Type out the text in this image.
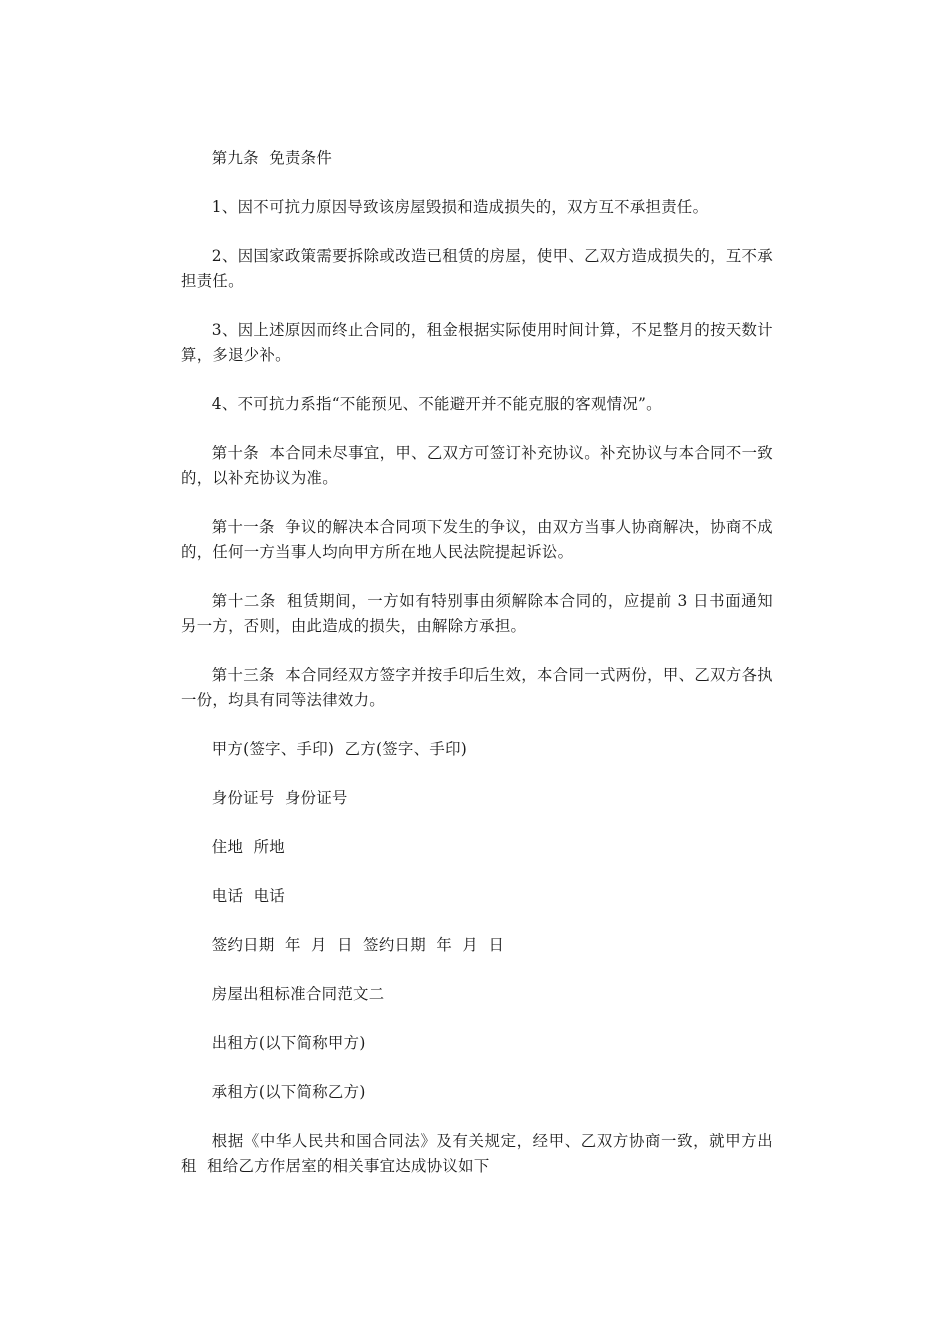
第九条  免责条件

1、因不可抗力原因导致该房屋毁损和造成损失的，双方互不承担责任。

2、因国家政策需要拆除或改造已租赁的房屋，使甲、乙双方造成损失的，互不承担责任。

3、因上述原因而终止合同的，租金根据实际使用时间计算，不足整月的按天数计算，多退少补。

4、不可抗力系指“不能预见、不能避开并不能克服的客观情况”。

第十条  本合同未尽事宜，甲、乙双方可签订补充协议。补充协议与本合同不一致的，以补充协议为准。

第十一条  争议的解决本合同项下发生的争议，由双方当事人协商解决，协商不成的，任何一方当事人均向甲方所在地人民法院提起诉讼。

第十二条  租赁期间，一方如有特别事由须解除本合同的，应提前 3 日书面通知另一方，否则，由此造成的损失，由解除方承担。

第十三条  本合同经双方签字并按手印后生效，本合同一式两份，甲、乙双方各执一份，均具有同等法律效力。

甲方(签字、手印)  乙方(签字、手印)

身份证号  身份证号

住地  所地

电话  电话

签约日期  年  月  日  签约日期  年  月  日

房屋出租标准合同范文二

出租方(以下简称甲方)

承租方(以下简称乙方)

根据《中华人民共和国合同法》及有关规定，经甲、乙双方协商一致，就甲方出租  租给乙方作居室的相关事宜达成协议如下
